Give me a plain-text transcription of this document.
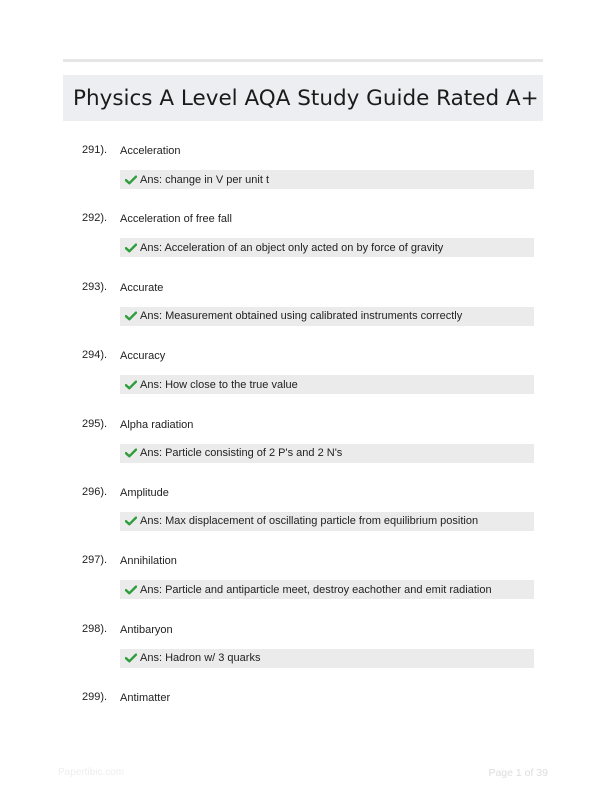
Physics A Level AQA Study Guide Rated A+
291). Acceleration
Ans: change in V per unit t
292). Acceleration of free fall
Ans: Acceleration of an object only acted on by force of gravity
293). Accurate
Ans: Measurement obtained using calibrated instruments correctly
294). Accuracy
Ans: How close to the true value
295). Alpha radiation
Ans: Particle consisting of 2 P's and 2 N's
296). Amplitude
Ans: Max displacement of oscillating particle from equilibrium position
297). Annihilation
Ans: Particle and antiparticle meet, destroy eachother and emit radiation
298). Antibaryon
Ans: Hadron w/ 3 quarks
299). Antimatter
Papertibic.com	Page 1 of 39
